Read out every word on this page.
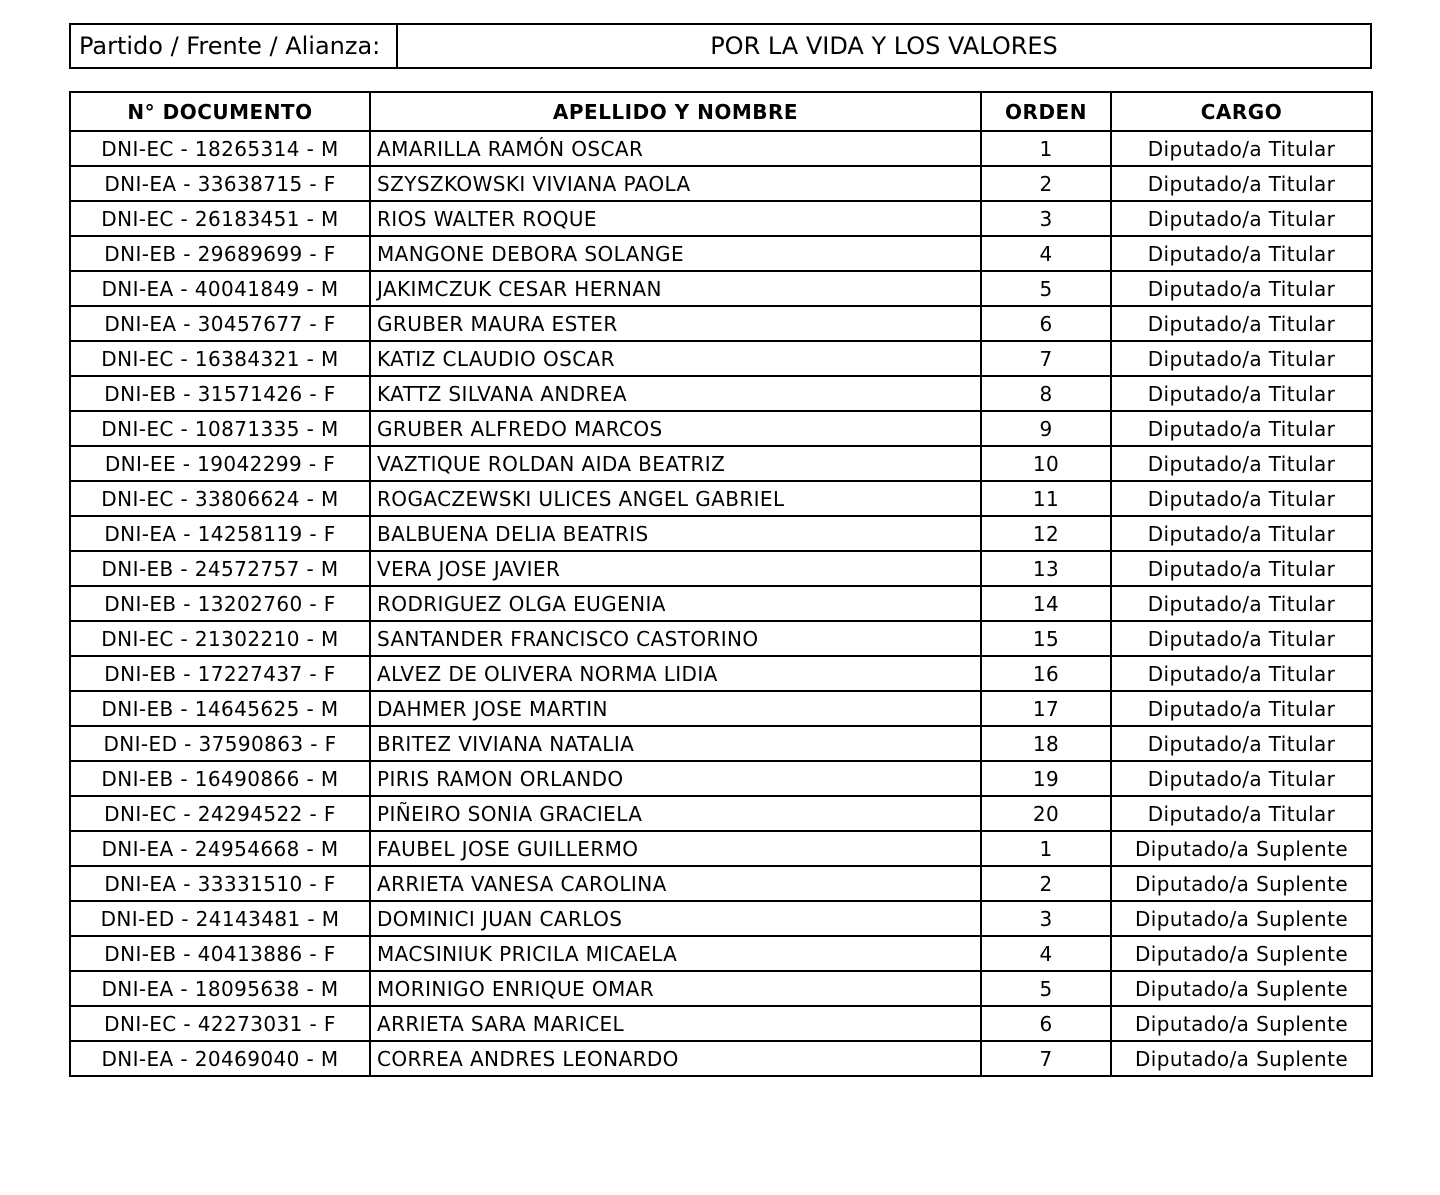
Partido / Frente / Alianza:	POR LA VIDA Y LOS VALORES
N° DOCUMENTO	APELLIDO Y NOMBRE	ORDEN	CARGO
DNI-EC - 18265314 - M	AMARILLA RAMÓN OSCAR	1	Diputado/a Titular
DNI-EA - 33638715 - F	SZYSZKOWSKI VIVIANA PAOLA	2	Diputado/a Titular
DNI-EC - 26183451 - M	RIOS WALTER ROQUE	3	Diputado/a Titular
DNI-EB - 29689699 - F	MANGONE DEBORA SOLANGE	4	Diputado/a Titular
DNI-EA - 40041849 - M	JAKIMCZUK CESAR HERNAN	5	Diputado/a Titular
DNI-EA - 30457677 - F	GRUBER MAURA ESTER	6	Diputado/a Titular
DNI-EC - 16384321 - M	KATIZ CLAUDIO OSCAR	7	Diputado/a Titular
DNI-EB - 31571426 - F	KATTZ SILVANA ANDREA	8	Diputado/a Titular
DNI-EC - 10871335 - M	GRUBER ALFREDO MARCOS	9	Diputado/a Titular
DNI-EE - 19042299 - F	VAZTIQUE ROLDAN AIDA BEATRIZ	10	Diputado/a Titular
DNI-EC - 33806624 - M	ROGACZEWSKI ULICES ANGEL GABRIEL	11	Diputado/a Titular
DNI-EA - 14258119 - F	BALBUENA DELIA BEATRIS	12	Diputado/a Titular
DNI-EB - 24572757 - M	VERA JOSE JAVIER	13	Diputado/a Titular
DNI-EB - 13202760 - F	RODRIGUEZ OLGA EUGENIA	14	Diputado/a Titular
DNI-EC - 21302210 - M	SANTANDER FRANCISCO CASTORINO	15	Diputado/a Titular
DNI-EB - 17227437 - F	ALVEZ DE OLIVERA NORMA LIDIA	16	Diputado/a Titular
DNI-EB - 14645625 - M	DAHMER JOSE MARTIN	17	Diputado/a Titular
DNI-ED - 37590863 - F	BRITEZ VIVIANA NATALIA	18	Diputado/a Titular
DNI-EB - 16490866 - M	PIRIS RAMON ORLANDO	19	Diputado/a Titular
DNI-EC - 24294522 - F	PIÑEIRO SONIA GRACIELA	20	Diputado/a Titular
DNI-EA - 24954668 - M	FAUBEL JOSE GUILLERMO	1	Diputado/a Suplente
DNI-EA - 33331510 - F	ARRIETA VANESA CAROLINA	2	Diputado/a Suplente
DNI-ED - 24143481 - M	DOMINICI JUAN CARLOS	3	Diputado/a Suplente
DNI-EB - 40413886 - F	MACSINIUK PRICILA MICAELA	4	Diputado/a Suplente
DNI-EA - 18095638 - M	MORINIGO ENRIQUE OMAR	5	Diputado/a Suplente
DNI-EC - 42273031 - F	ARRIETA SARA MARICEL	6	Diputado/a Suplente
DNI-EA - 20469040 - M	CORREA ANDRES LEONARDO	7	Diputado/a Suplente
